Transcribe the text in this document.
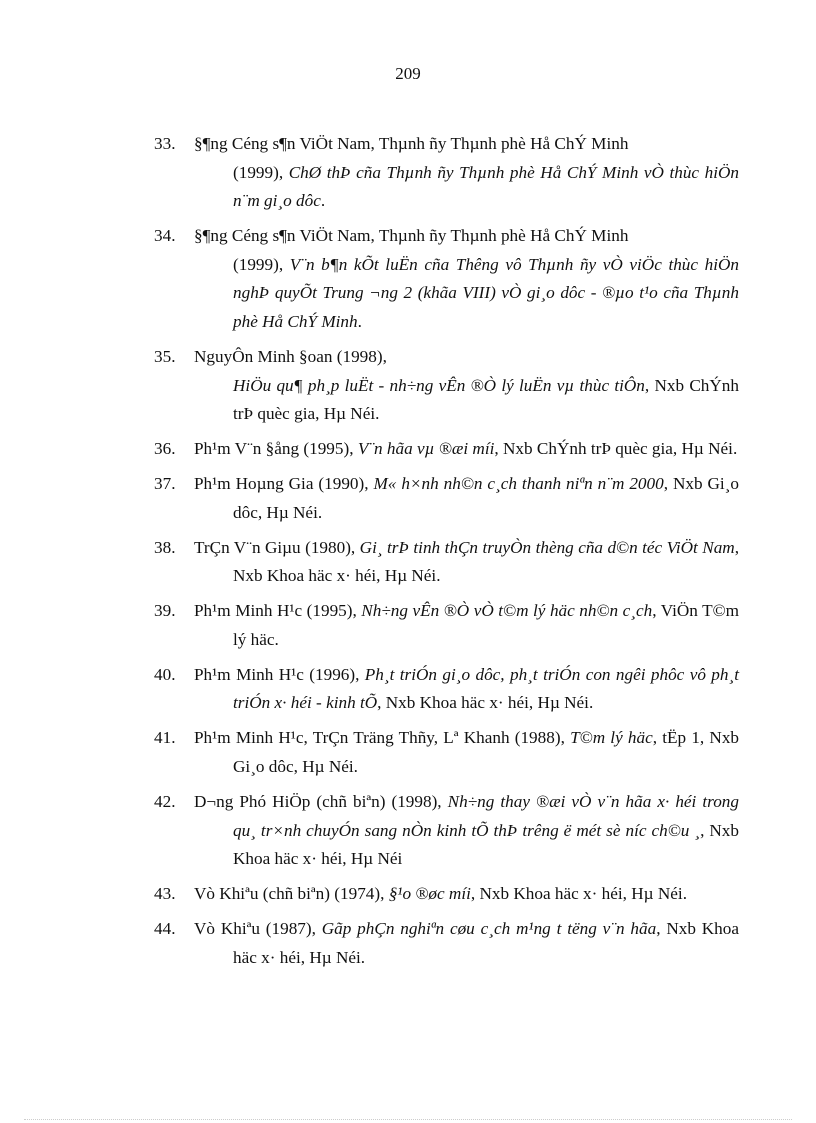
209
33.	§¶ng Céng s¶n ViÖt Nam, Thµnh ñy Thµnh phè Hå ChÝ Minh
(1999), ChØ thÞ cña Thµnh ñy Thµnh phè Hå ChÝ Minh vÒ thùc hiÖn n¨m gi¸o dôc.
34.	§¶ng Céng s¶n ViÖt Nam, Thµnh ñy Thµnh phè Hå ChÝ Minh
(1999), V¨n b¶n kÕt luËn cña Thêng vô Thµnh ñy vÒ viÖc thùc hiÖn nghÞ quyÕt Trung ¬ng 2 (khãa VIII) vÒ gi¸o dôc - ®µo t¹o cña Thµnh phè Hå ChÝ Minh.
35.	NguyÔn Minh §oan (1998),
HiÖu qu¶ ph¸p luËt - nh÷ng vÊn ®Ò lý luËn vµ thùc tiÔn, Nxb ChÝnh trÞ quèc gia, Hµ Néi.
36.	Ph¹m V¨n §ång (1995), V¨n hãa vµ ®æi míi, Nxb ChÝnh trÞ quèc gia, Hµ Néi.
37.	Ph¹m Hoµng Gia (1990), M« h×nh nh©n c¸ch thanh niªn n¨m 2000, Nxb Gi¸o dôc, Hµ Néi.
38.	TrÇn V¨n Giµu (1980), Gi¸ trÞ tinh thÇn truyÒn thèng cña d©n téc ViÖt Nam, Nxb Khoa häc x· héi, Hµ Néi.
39.	Ph¹m Minh H¹c (1995), Nh÷ng vÊn ®Ò vÒ t©m lý häc nh©n c¸ch, ViÖn T©m lý häc.
40.	Ph¹m Minh H¹c (1996), Ph¸t triÓn gi¸o dôc, ph¸t triÓn con ngêi phôc vô ph¸t triÓn x· héi - kinh tÕ, Nxb Khoa häc x· héi, Hµ Néi.
41.	Ph¹m Minh H¹c, TrÇn Träng Thñy, Lª Khanh (1988), T©m lý häc, tËp 1, Nxb Gi¸o dôc, Hµ Néi.
42.	D¬ng Phó HiÖp (chñ biªn) (1998), Nh÷ng thay ®æi vÒ v¨n hãa x· héi trong qu¸ tr×nh chuyÓn sang nÒn kinh tÕ thÞ trêng ë mét sè níc ch©u ¸, Nxb Khoa häc x· héi, Hµ Néi
43.	Vò Khiªu (chñ biªn) (1974), §¹o ®øc míi, Nxb Khoa häc x· héi, Hµ Néi.
44.	Vò Khiªu (1987), Gãp phÇn nghiªn cøu c¸ch m¹ng t tëng v¨n hãa, Nxb Khoa häc x· héi, Hµ Néi.
